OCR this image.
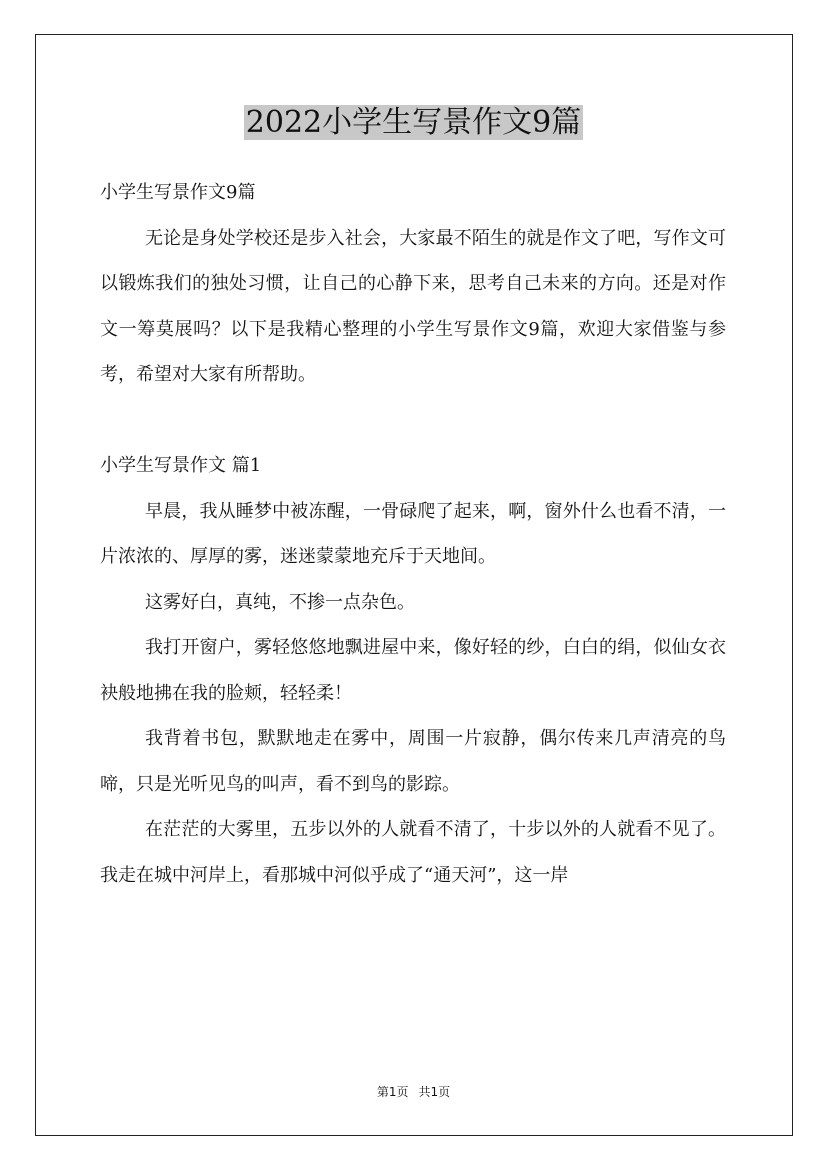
2022小学生写景作文9篇

小学生写景作文9篇

无论是身处学校还是步入社会，大家最不陌生的就是作文了吧，写作文可以锻炼我们的独处习惯，让自己的心静下来，思考自己未来的方向。还是对作文一筹莫展吗？以下是我精心整理的小学生写景作文9篇，欢迎大家借鉴与参考，希望对大家有所帮助。

小学生写景作文 篇1

早晨，我从睡梦中被冻醒，一骨碌爬了起来，啊，窗外什么也看不清，一片浓浓的、厚厚的雾，迷迷蒙蒙地充斥于天地间。

这雾好白，真纯，不掺一点杂色。

我打开窗户，雾轻悠悠地飘进屋中来，像好轻的纱，白白的绢，似仙女衣袂般地拂在我的脸颊，轻轻柔！

我背着书包，默默地走在雾中，周围一片寂静，偶尔传来几声清亮的鸟啼，只是光听见鸟的叫声，看不到鸟的影踪。

在茫茫的大雾里，五步以外的人就看不清了，十步以外的人就看不见了。我走在城中河岸上，看那城中河似乎成了“通天河”，这一岸

第1页 共1页
